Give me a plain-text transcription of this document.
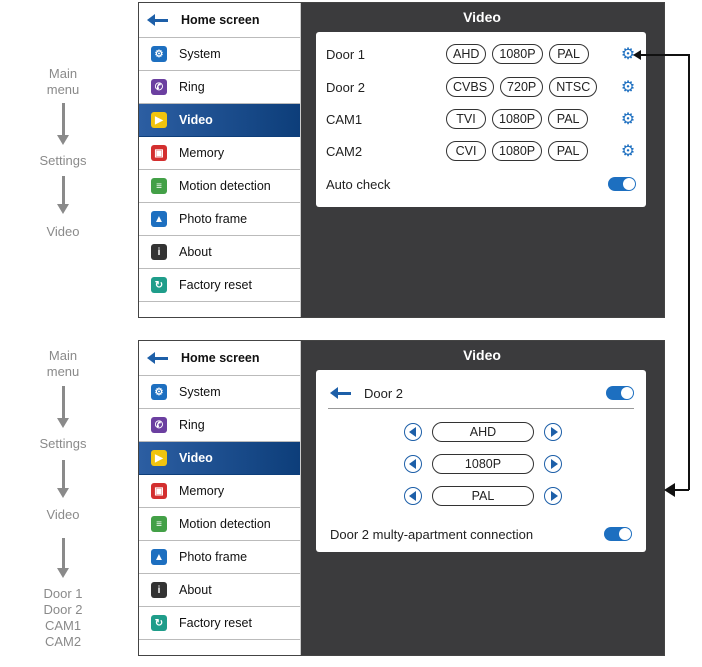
Main
menu
Settings
Video
Main
menu
Settings
Video
Door 1
Door 2
CAM1
CAM2
Home screen
⚙ System
✆	Ring
▶	Video
▣ Memory
≡	Motion detection
▲ Photo frame
i	About
↻	Factory reset
Video
Door 1	AHD	1080P	PAL	⚙
Door 2	CVBS	720P	NTSC	⚙
CAM1	TVI	1080P	PAL	⚙
CAM2	CVI	1080P	PAL	⚙
Auto check
Home screen
⚙ System
✆	Ring
▶	Video
▣ Memory
≡	Motion detection
▲ Photo frame
i	About
↻	Factory reset
Video
Door 2
AHD
1080P
PAL
Door 2 multy-apartment connection
